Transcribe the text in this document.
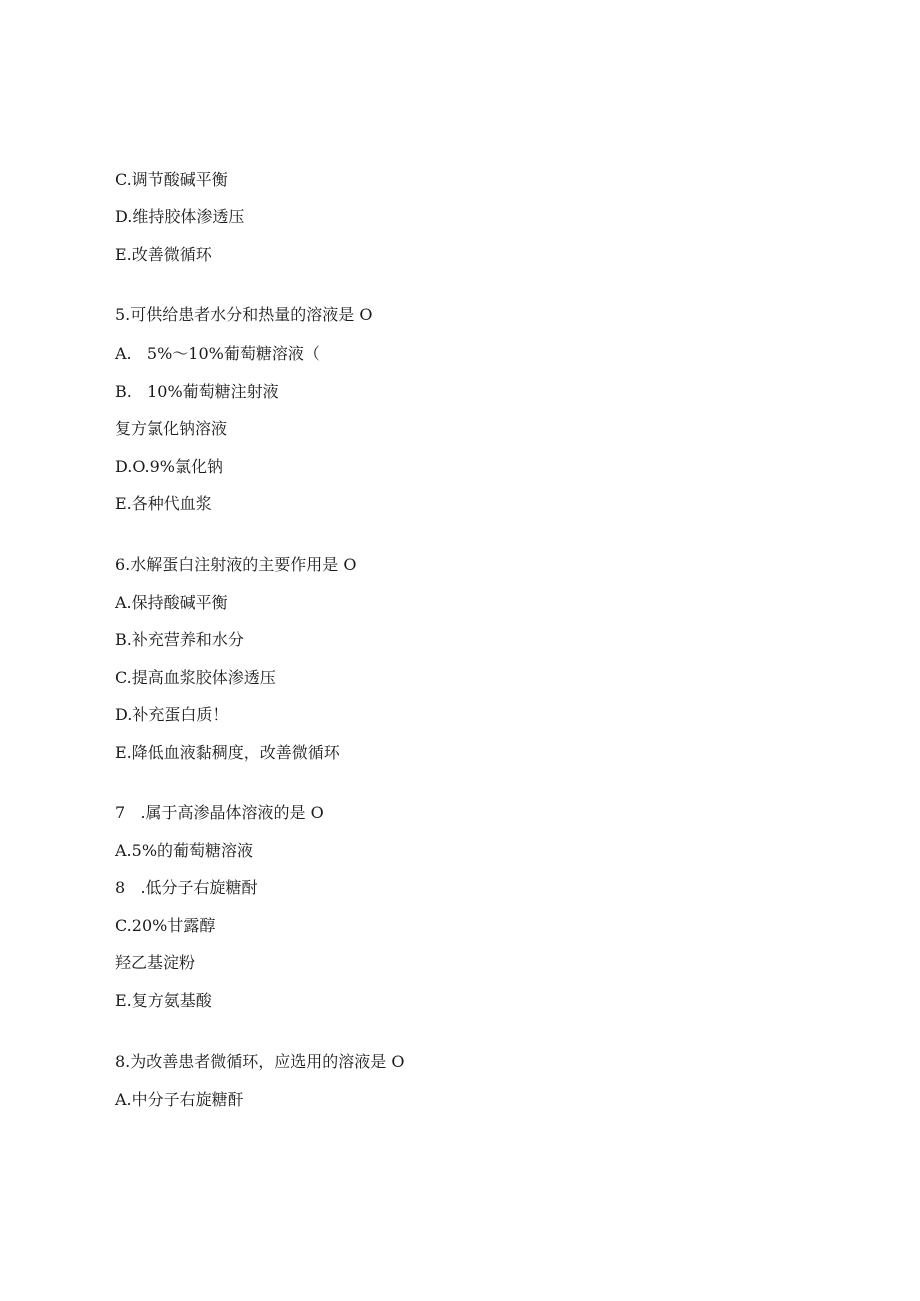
C.调节酸碱平衡
D.维持胶体渗透压
E.改善微循环
5.可供给患者水分和热量的溶液是 O
A.   5%～10%葡萄糖溶液（
B.   10%葡萄糖注射液
复方氯化钠溶液
D.O.9%氯化钠
E.各种代血浆
6.水解蛋白注射液的主要作用是 O
A.保持酸碱平衡
B.补充营养和水分
C.提高血浆胶体渗透压
D.补充蛋白质！
E.降低血液黏稠度，改善微循环
7   .属于高渗晶体溶液的是 O
A.5%的葡萄糖溶液
8   .低分子右旋糖酎
C.20%甘露醇
羟乙基淀粉
E.复方氨基酸
8.为改善患者微循环，应选用的溶液是 O
A.中分子右旋糖酐
